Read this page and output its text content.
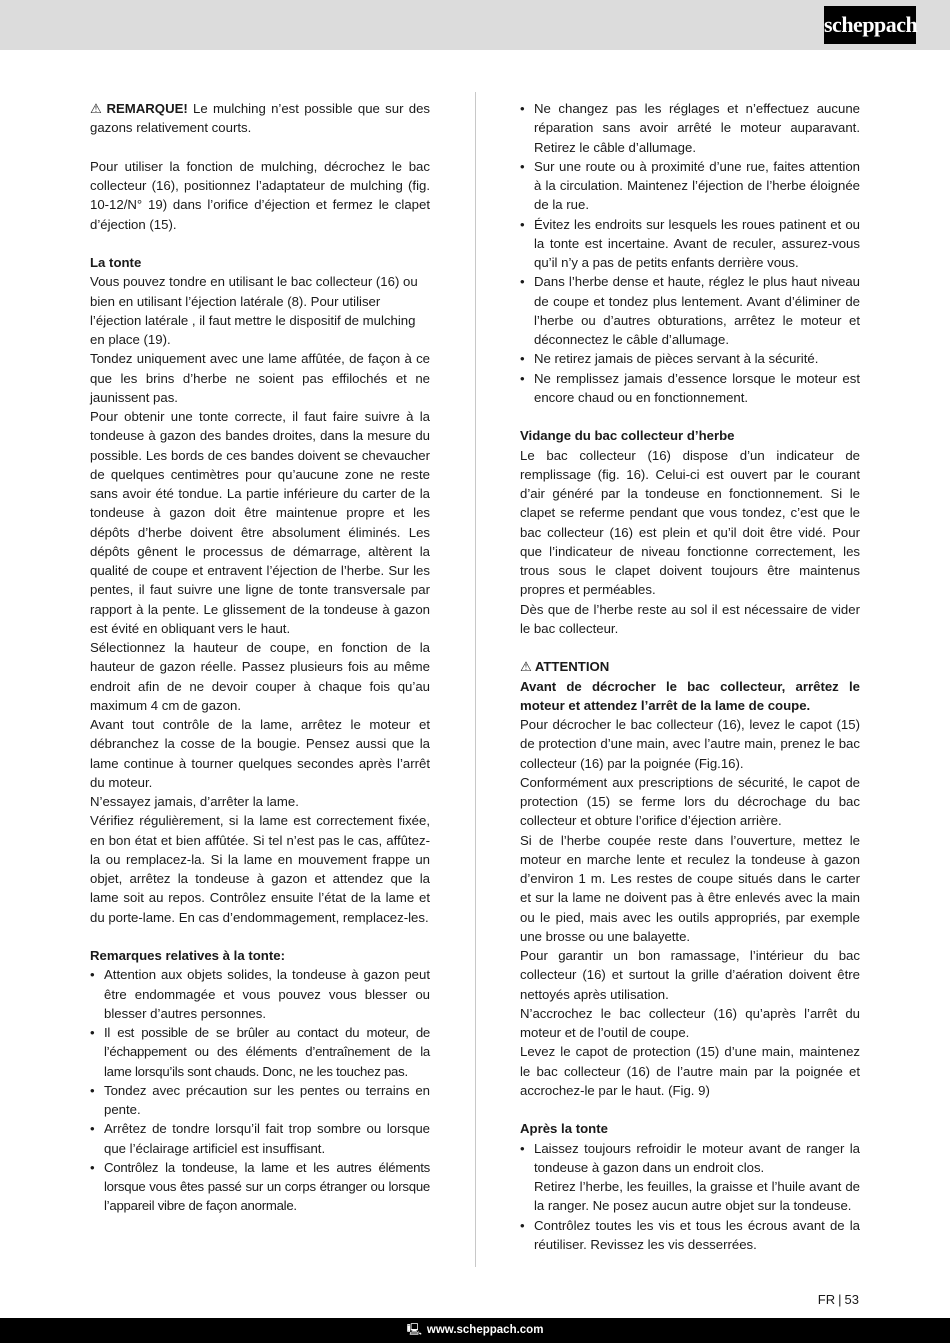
scheppach

⚠ REMARQUE! Le mulching n’est possible que sur des gazons relativement courts.

Pour utiliser la fonction de mulching, décrochez le bac collecteur (16), positionnez l’adaptateur de mulching (fig. 10-12/N° 19) dans l’orifice d’éjection et fermez le clapet d’éjection (15).

La tonte

Vous pouvez tondre en utilisant le bac collecteur (16) ou bien en utilisant l’éjection latérale (8). Pour utiliser l’éjection latérale , il faut mettre le dispositif de mulching en place (19).

Tondez uniquement avec une lame affûtée, de façon à ce que les brins d’herbe ne soient pas effilochés et ne jaunissent pas.

Pour obtenir une tonte correcte, il faut faire suivre à la tondeuse à gazon des bandes droites, dans la mesure du possible. Les bords de ces bandes doivent se chevaucher de quelques centimètres pour qu’aucune zone ne reste sans avoir été tondue. La partie inférieure du carter de la tondeuse à gazon doit être maintenue propre et les dépôts d’herbe doivent être absolument éliminés. Les dépôts gênent le processus de démarrage, altèrent la qualité de coupe et entravent l’éjection de l’herbe. Sur les pentes, il faut suivre une ligne de tonte transversale par rapport à la pente. Le glissement de la tondeuse à gazon est évité en obliquant vers le haut.

Sélectionnez la hauteur de coupe, en fonction de la hauteur de gazon réelle. Passez plusieurs fois au même endroit afin de ne devoir couper à chaque fois qu’au maximum 4 cm de gazon.

Avant tout contrôle de la lame, arrêtez le moteur et débranchez la cosse de la bougie. Pensez aussi que la lame continue à tourner quelques secondes après l’arrêt du moteur.

N’essayez jamais, d’arrêter la lame.

Vérifiez régulièrement, si la lame est correctement fixée, en bon état et bien affûtée. Si tel n’est pas le cas, affûtez-la ou remplacez-la. Si la lame en mouvement frappe un objet, arrêtez la tondeuse à gazon et attendez que la lame soit au repos. Contrôlez ensuite l’état de la lame et du porte-lame. En cas d’endommagement, remplacez-les.

Remarques relatives à la tonte:

• Attention aux objets solides, la tondeuse à gazon peut être endommagée et vous pouvez vous blesser ou blesser d’autres personnes.
• Il est possible de se brûler au contact du moteur, de l’échappement ou des éléments d’entraînement de la lame lorsqu’ils sont chauds. Donc, ne les touchez pas.
• Tondez avec précaution sur les pentes ou terrains en pente.
• Arrêtez de tondre lorsqu’il fait trop sombre ou lorsque que l’éclairage artificiel est insuffisant.
• Contrôlez la tondeuse, la lame et les autres éléments lorsque vous êtes passé sur un corps étranger ou lorsque l’appareil vibre de façon anormale.
• Ne changez pas les réglages et n’effectuez aucune réparation sans avoir arrêté le moteur auparavant. Retirez le câble d’allumage.
• Sur une route ou à proximité d’une rue, faites attention à la circulation. Maintenez l’éjection de l’herbe éloignée de la rue.
• Évitez les endroits sur lesquels les roues patinent et ou la tonte est incertaine. Avant de reculer, assurez-vous qu’il n’y a pas de petits enfants derrière vous.
• Dans l’herbe dense et haute, réglez le plus haut niveau de coupe et tondez plus lentement. Avant d’éliminer de l’herbe ou d’autres obturations, arrêtez le moteur et déconnectez le câble d’allumage.
• Ne retirez jamais de pièces servant à la sécurité.
• Ne remplissez jamais d’essence lorsque le moteur est encore chaud ou en fonctionnement.

Vidange du bac collecteur d’herbe

Le bac collecteur (16) dispose d’un indicateur de remplissage (fig. 16). Celui-ci est ouvert par le courant d’air généré par la tondeuse en fonctionnement. Si le clapet se referme pendant que vous tondez, c’est que le bac collecteur (16) est plein et qu’il doit être vidé. Pour que l’indicateur de niveau fonctionne correctement, les trous sous le clapet doivent toujours être maintenus propres et perméables.

Dès que de l’herbe reste au sol il est nécessaire de vider le bac collecteur.

⚠ ATTENTION

Avant de décrocher le bac collecteur, arrêtez le moteur et attendez l’arrêt de la lame de coupe.

Pour décrocher le bac collecteur (16), levez le capot (15) de protection d’une main, avec l’autre main, prenez le bac collecteur (16) par la poignée (Fig.16).

Conformément aux prescriptions de sécurité, le capot de protection (15) se ferme lors du décrochage du bac collecteur et obture l’orifice d’éjection arrière.

Si de l’herbe coupée reste dans l’ouverture, mettez le moteur en marche lente et reculez la tondeuse à gazon d’environ 1 m. Les restes de coupe situés dans le carter et sur la lame ne doivent pas à être enlevés avec la main ou le pied, mais avec les outils appropriés, par exemple une brosse ou une balayette.

Pour garantir un bon ramassage, l’intérieur du bac collecteur (16) et surtout la grille d’aération doivent être nettoyés après utilisation.

N’accrochez le bac collecteur (16) qu’après l’arrêt du moteur et de l’outil de coupe.

Levez le capot de protection (15) d’une main, maintenez le bac collecteur (16) de l’autre main par la poignée et accrochez-le par le haut. (Fig. 9)

Après la tonte

• Laissez toujours refroidir le moteur avant de ranger la tondeuse à gazon dans un endroit clos.
Retirez l’herbe, les feuilles, la graisse et l’huile avant de la ranger. Ne posez aucun autre objet sur la tondeuse.
• Contrôlez toutes les vis et tous les écrous avant de la réutiliser. Revissez les vis desserrées.
FR | 53
🖳 www.scheppach.com
